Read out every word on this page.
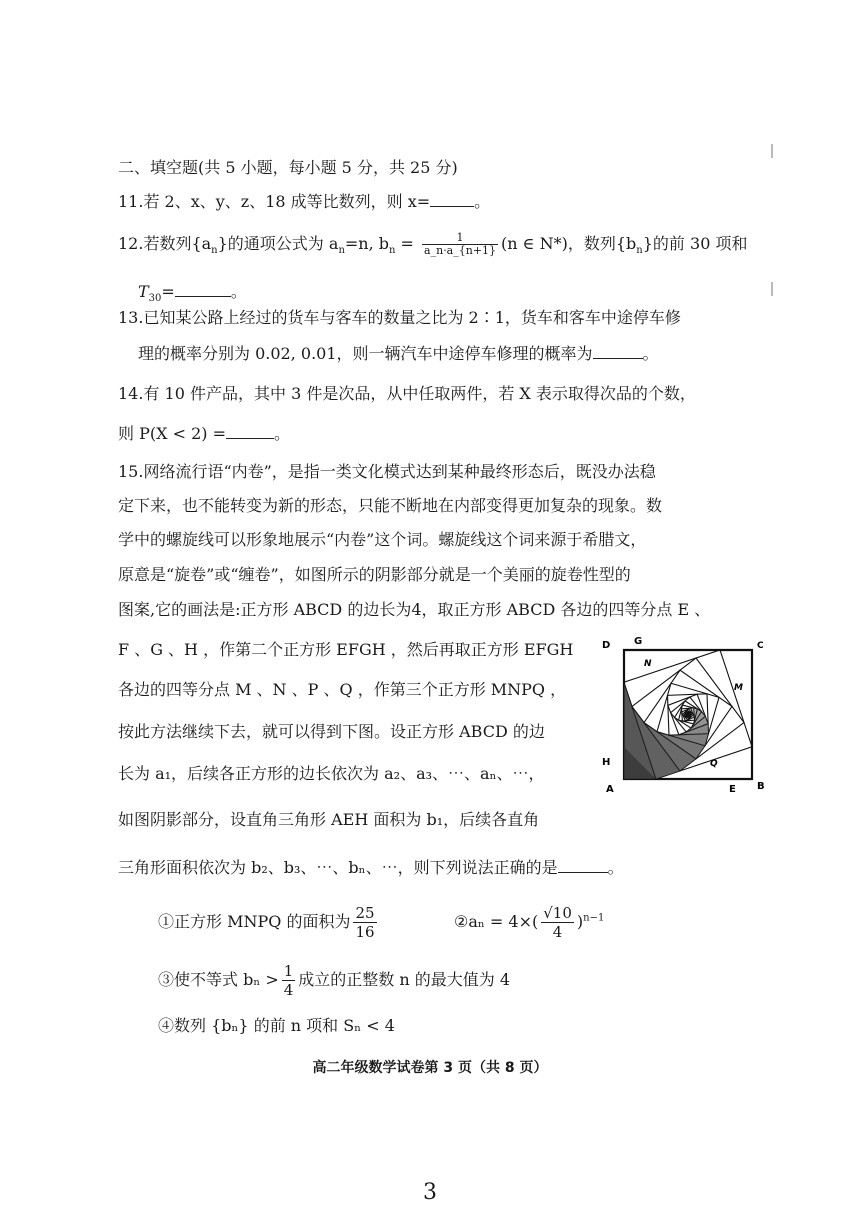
二、填空题(共 5 小题，每小题 5 分，共 25 分)
11.若 2、x、y、z、18 成等比数列，则 x=	。
12.若数列$\{a_n\}$的通项公式为 $a_n=n$, $b_n = \frac{1}{a\_n\cdot a\_\{n+1\}} (n$ ∈ N*)，数列$\{b_n\}$的前 30 项和
$T_{30}=$	。
13.已知某公路上经过的货车与客车的数量之比为 2∶1，货车和客车中途停车修
理的概率分别为 0.02, 0.01，则一辆汽车中途停车修理的概率为	。
14.有 10 件产品，其中 3 件是次品，从中任取两件，若 X 表示取得次品的个数，
则 P(X < 2) =	。
15.网络流行语“内卷”，是指一类文化模式达到某种最终形态后，既没办法稳
定下来，也不能转变为新的形态，只能不断地在内部变得更加复杂的现象。数
学中的螺旋线可以形象地展示“内卷”这个词。螺旋线这个词来源于希腊文，
原意是“旋卷”或“缠卷”，如图所示的阴影部分就是一个美丽的旋卷性型的
图案,它的画法是:正方形 ABCD 的边长为4，取正方形 ABCD 各边的四等分点 E 、
F 、G 、H ，作第二个正方形 EFGH ，然后再取正方形 EFGH
各边的四等分点 M 、N 、P 、Q ，作第三个正方形 MNPQ ，
按此方法继续下去，就可以得到下图。设正方形 ABCD 的边
长为 a₁，后续各正方形的边长依次为 a₂、a₃、⋯、aₙ、⋯，
如图阴影部分，设直角三角形 AEH 面积为 b₁，后续各直角
三角形面积依次为 b₂、b₃、⋯、bₙ、⋯，则下列说法正确的是	。
①正方形 MNPQ 的面积为 $\frac{25}{16}$	②aₙ = $4\times( \frac{√10}{4} )^{n-1}$
③使不等式 $b_n > \frac{1}{4}$ 成立的正整数 n 的最大值为 4
④数列 {bₙ} 的前 n 项和 Sₙ < 4
D G	C
N
M
H	Q
A	E B
高二年级数学试卷第 3 页（共 8 页）
3
